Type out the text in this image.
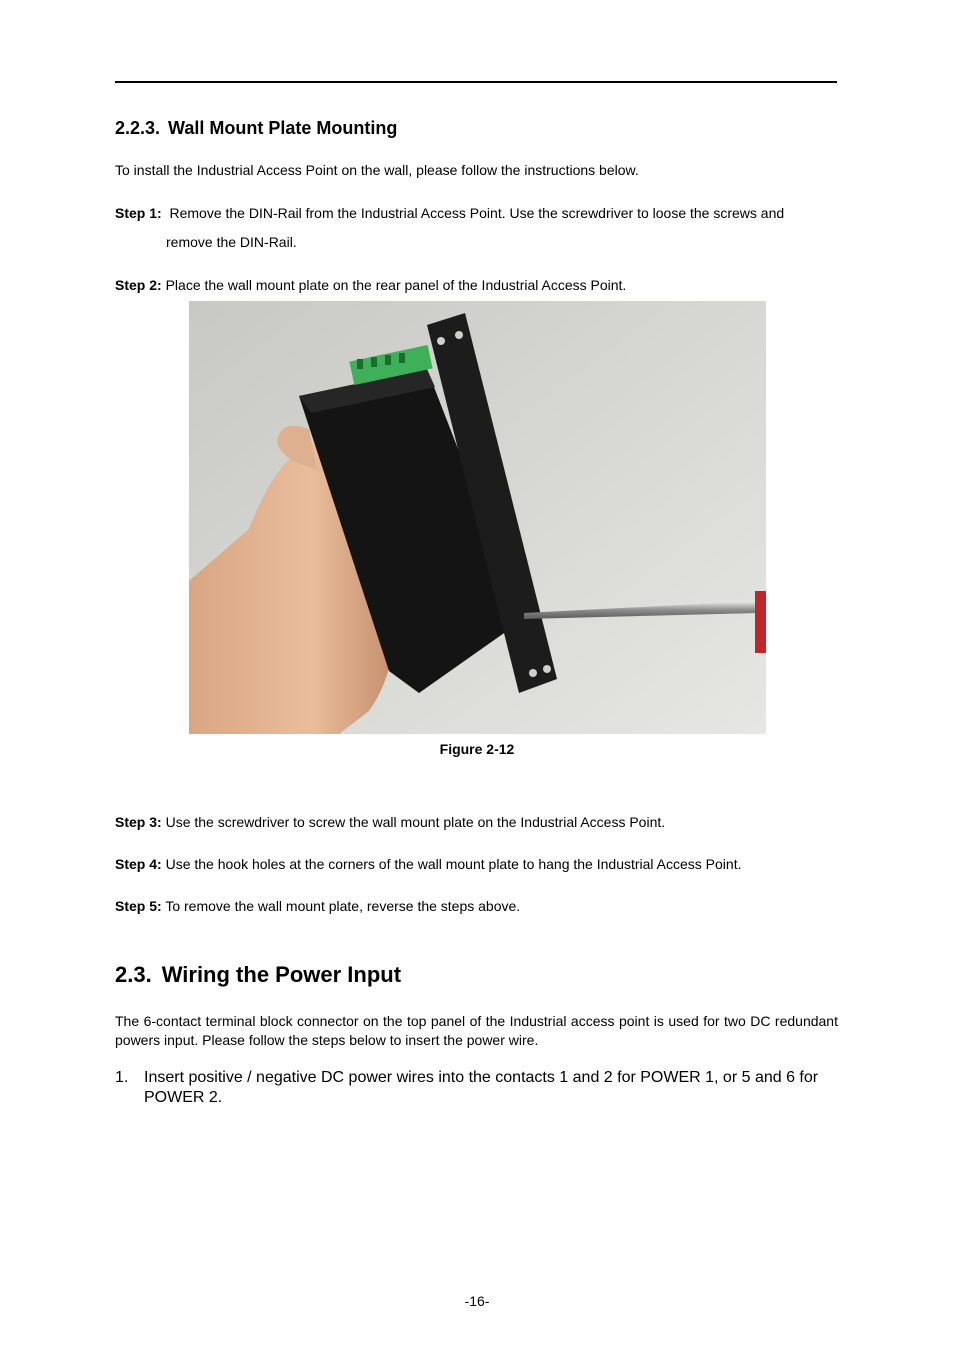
2.2.3. Wall Mount Plate Mounting

To install the Industrial Access Point on the wall, please follow the instructions below.

Step 1: Remove the DIN-Rail from the Industrial Access Point. Use the screwdriver to loose the screws and
remove the DIN-Rail.

Step 2: Place the wall mount plate on the rear panel of the Industrial Access Point.

Figure 2-12

Step 3: Use the screwdriver to screw the wall mount plate on the Industrial Access Point.

Step 4: Use the hook holes at the corners of the wall mount plate to hang the Industrial Access Point.

Step 5: To remove the wall mount plate, reverse the steps above.

2.3. Wiring the Power Input

The 6-contact terminal block connector on the top panel of the Industrial access point is used for two DC redundant powers input. Please follow the steps below to insert the power wire.

1. Insert positive / negative DC power wires into the contacts 1 and 2 for POWER 1, or 5 and 6 for POWER 2.
-16-
